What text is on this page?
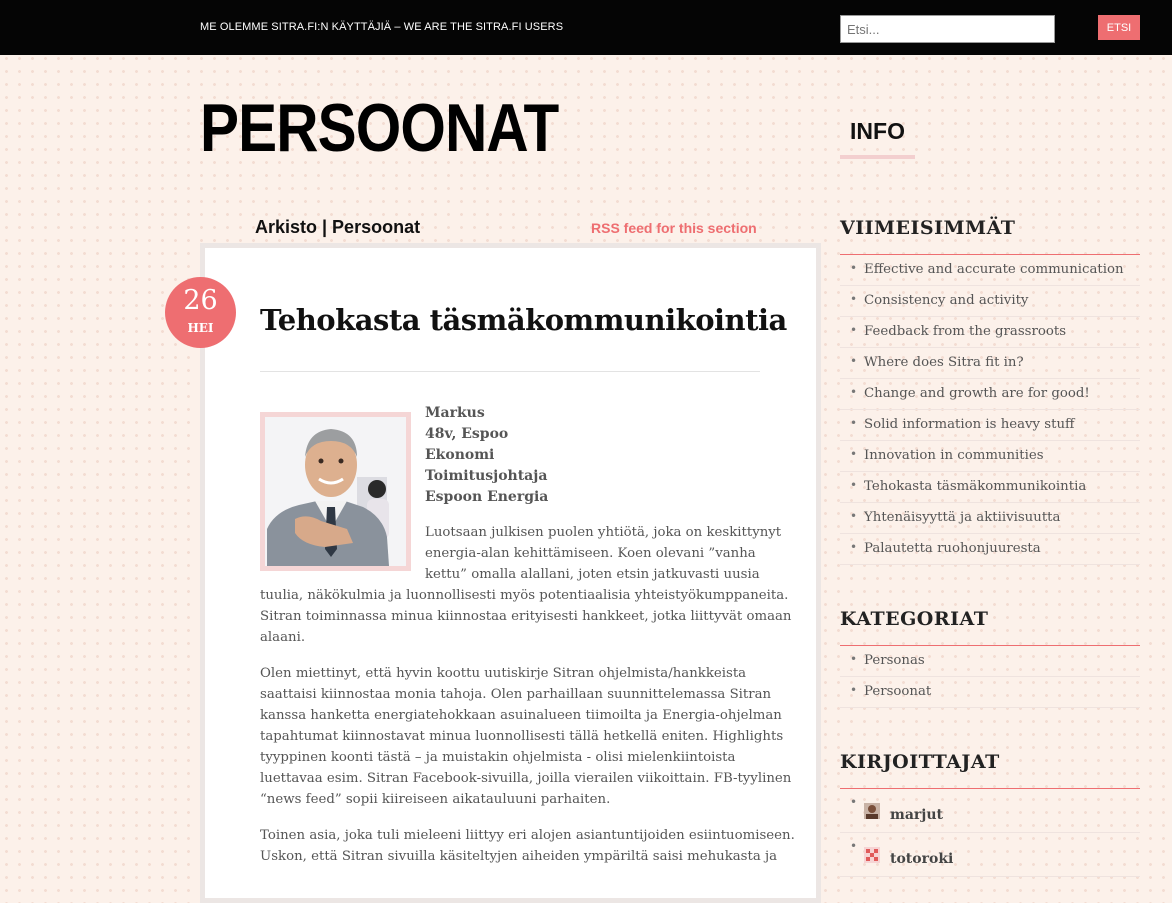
ME OLEMME SITRA.FI:N KÄYTTÄJIÄ – WE ARE THE SITRA.FI USERS
Etsi...	ETSI
PERSOONAT	INFO
Arkisto | Persoonat	RSS feed for this section
26
HEI	Tehokasta täsmäkommunikointia
Markus
48v, Espoo
Ekonomi
Toimitusjohtaja
Espoon Energia
Luotsaan julkisen puolen yhtiötä, joka on keskittynyt
energia-alan kehittämiseen. Koen olevani ”vanha
kettu” omalla alallani, joten etsin jatkuvasti uusia
tuulia, näkökulmia ja luonnollisesti myös potentiaalisia yhteistyökumppaneita.
Sitran toiminnassa minua kiinnostaa erityisesti hankkeet, jotka liittyvät omaan
alaani.
Olen miettinyt, että hyvin koottu uutiskirje Sitran ohjelmista/hankkeista
saattaisi kiinnostaa monia tahoja. Olen parhaillaan suunnittelemassa Sitran
kanssa hanketta energiatehokkaan asuinalueen tiimoilta ja Energia-ohjelman
tapahtumat kiinnostavat minua luonnollisesti tällä hetkellä eniten. Highlights
tyyppinen koonti tästä – ja muistakin ohjelmista - olisi mielenkiintoista
luettavaa esim. Sitran Facebook-sivuilla, joilla vierailen viikoittain. FB-tyylinen
“news feed” sopii kiireiseen aikatauluuni parhaiten.
Toinen asia, joka tuli mieleeni liittyy eri alojen asiantuntijoiden esiintuomiseen.
Uskon, että Sitran sivuilla käsiteltyjen aiheiden ympäriltä saisi mehukasta ja
VIIMEISIMMÄT
• Effective and accurate communication
• Consistency and activity
• Feedback from the grassroots
• Where does Sitra fit in?
• Change and growth are for good!
• Solid information is heavy stuff
• Innovation in communities
• Tehokasta täsmäkommunikointia
• Yhtenäisyyttä ja aktiivisuutta
• Palautetta ruohonjuuresta
KATEGORIAT
• Personas
• Persoonat
KIRJOITTAJAT
•
marjut
•
totoroki
